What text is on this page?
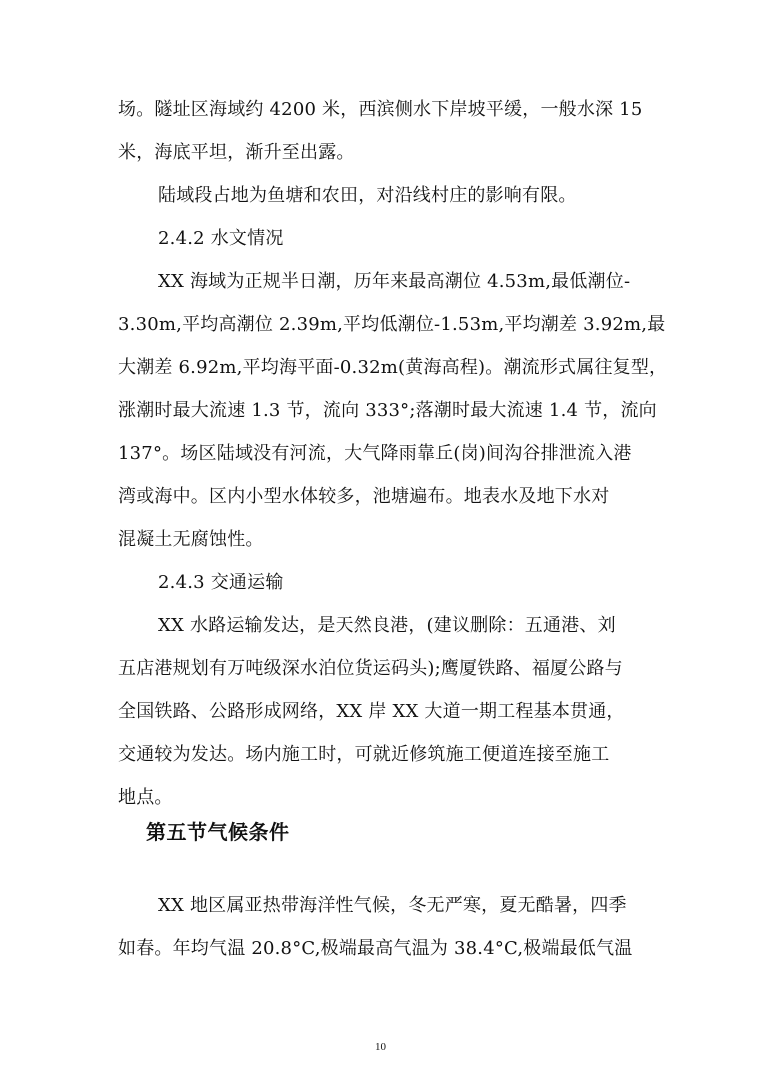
场。隧址区海域约 4200 米，西滨侧水下岸坡平缓，一般水深 15
米，海底平坦，渐升至出露。
陆域段占地为鱼塘和农田，对沿线村庄的影响有限。
2.4.2 水文情况
XX 海域为正规半日潮，历年来最高潮位 4.53m,最低潮位-
3.30m,平均高潮位 2.39m,平均低潮位-1.53m,平均潮差 3.92m,最
大潮差 6.92m,平均海平面-0.32m(黄海高程)。潮流形式属往复型，
涨潮时最大流速 1.3 节，流向 333°;落潮时最大流速 1.4 节，流向
137°。场区陆域没有河流，大气降雨靠丘(岗)间沟谷排泄流入港
湾或海中。区内小型水体较多，池塘遍布。地表水及地下水对
混凝土无腐蚀性。
2.4.3 交通运输
XX 水路运输发达，是天然良港，(建议删除：五通港、刘
五店港规划有万吨级深水泊位货运码头);鹰厦铁路、福厦公路与
全国铁路、公路形成网络，XX 岸 XX 大道一期工程基本贯通，
交通较为发达。场内施工时，可就近修筑施工便道连接至施工
地点。
第五节气候条件
XX 地区属亚热带海洋性气候，冬无严寒，夏无酷暑，四季
如春。年均气温 20.8°C,极端最高气温为 38.4°C,极端最低气温
10
